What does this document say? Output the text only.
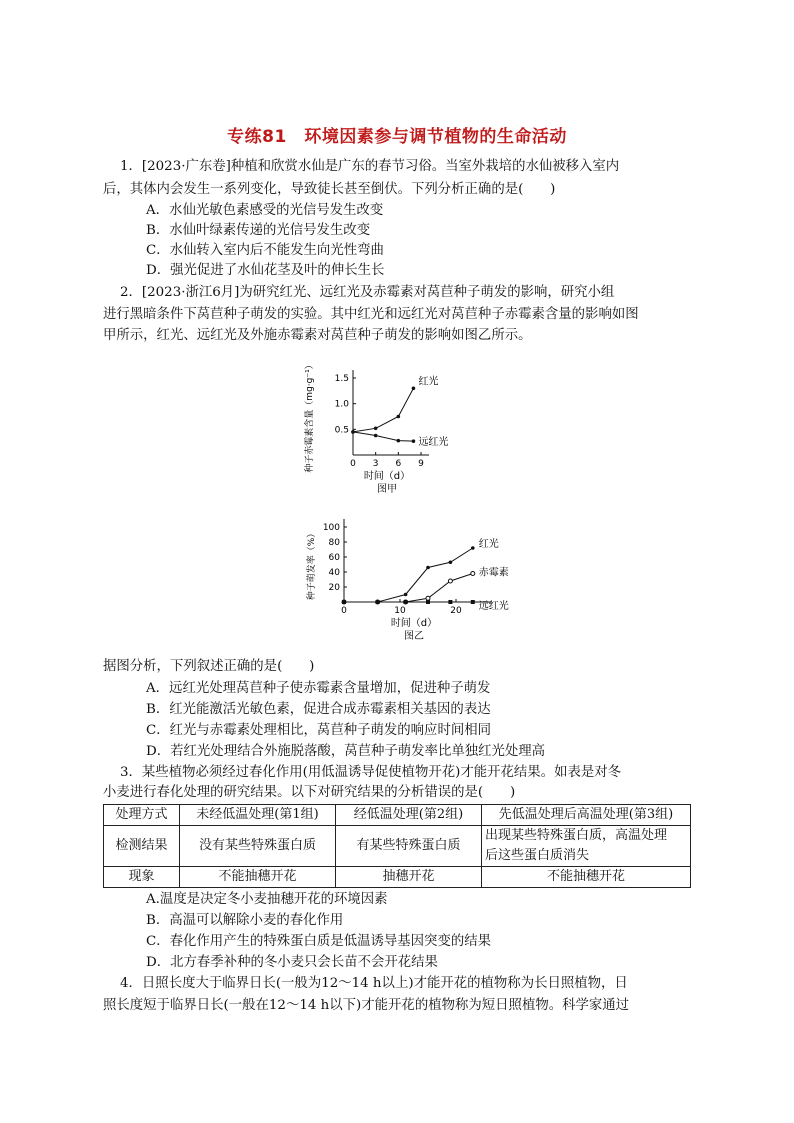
专练81　环境因素参与调节植物的生命活动
1．[2023·广东卷]种植和欣赏水仙是广东的春节习俗。当室外栽培的水仙被移入室内
后，其体内会发生一系列变化，导致徒长甚至倒伏。下列分析正确的是(　　)
A．水仙光敏色素感受的光信号发生改变
B．水仙叶绿素传递的光信号发生改变
C．水仙转入室内后不能发生向光性弯曲
D．强光促进了水仙花茎及叶的伸长生长
2．[2023·浙江6月]为研究红光、远红光及赤霉素对莴苣种子萌发的影响，研究小组
进行黑暗条件下莴苣种子萌发的实验。其中红光和远红光对莴苣种子赤霉素含量的影响如图
甲所示，红光、远红光及外施赤霉素对莴苣种子萌发的影响如图乙所示。
0 3 6 9
0.5
1.0
1.5
时间（d）
图甲
种子赤霉素含量（mg·g⁻¹）	红光
远红光
0	10	20
20
40
60
80
100
时间（d）
图乙
种子萌发率（%）	红光
赤霉素
远红光
据图分析，下列叙述正确的是(　　)
A．远红光处理莴苣种子使赤霉素含量增加，促进种子萌发
B．红光能激活光敏色素，促进合成赤霉素相关基因的表达
C．红光与赤霉素处理相比，莴苣种子萌发的响应时间相同
D．若红光处理结合外施脱落酸，莴苣种子萌发率比单独红光处理高
3．某些植物必须经过春化作用(用低温诱导促使植物开花)才能开花结果。如表是对冬
小麦进行春化处理的研究结果。以下对研究结果的分析错误的是(　　)
处理方式	未经低温处理(第1组)	经低温处理(第2组)	先低温处理后高温处理(第3组)
检测结果	没有某些特殊蛋白质	有某些特殊蛋白质	出现某些特殊蛋白质，高温处理
后这些蛋白质消失

现象	不能抽穗开花	抽穗开花	不能抽穗开花
A.温度是决定冬小麦抽穗开花的环境因素
B．高温可以解除小麦的春化作用
C．春化作用产生的特殊蛋白质是低温诱导基因突变的结果
D．北方春季补种的冬小麦只会长苗不会开花结果
4．日照长度大于临界日长(一般为12～14 h以上)才能开花的植物称为长日照植物，日
照长度短于临界日长(一般在12～14 h以下)才能开花的植物称为短日照植物。科学家通过
